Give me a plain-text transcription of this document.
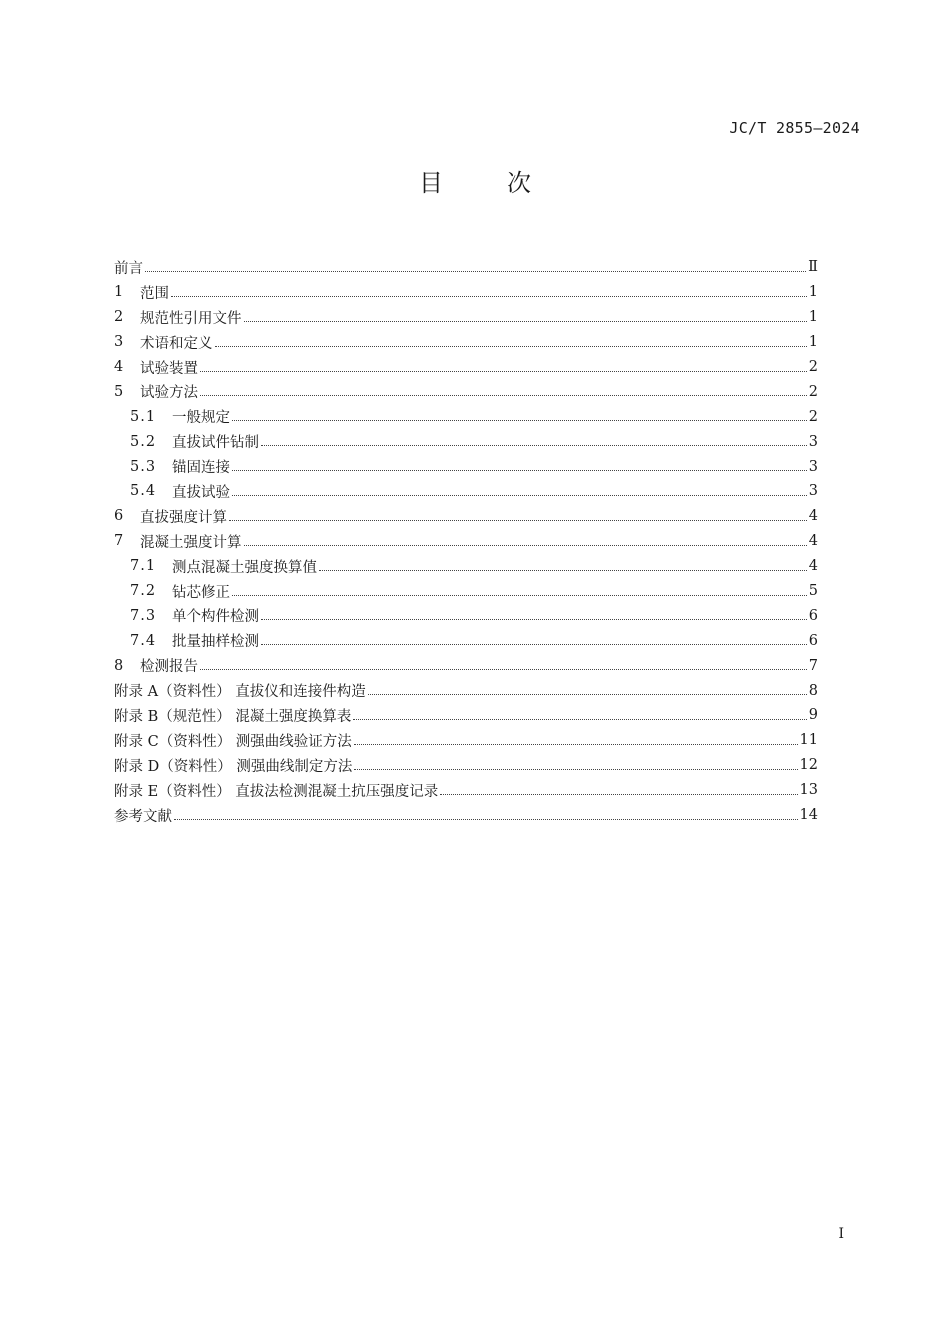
JC/T 2855—2024
目次
前言	Ⅱ
1	范围	1
2	规范性引用文件	1
3	术语和定义	1
4	试验装置	2
5	试验方法	2
5.1	一般规定	2
5.2	直拔试件钻制	3
5.3	锚固连接	3
5.4	直拔试验	3
6	直拔强度计算	4
7	混凝土强度计算	4
7.1	测点混凝土强度换算值	4
7.2	钻芯修正	5
7.3	单个构件检测	6
7.4	批量抽样检测	6
8	检测报告	7
附录 A（资料性） 直拔仪和连接件构造	8
附录 B（规范性） 混凝土强度换算表	9
附录 C（资料性） 测强曲线验证方法	11
附录 D（资料性） 测强曲线制定方法	12
附录 E（资料性） 直拔法检测混凝土抗压强度记录	13
参考文献	14
Ⅰ
